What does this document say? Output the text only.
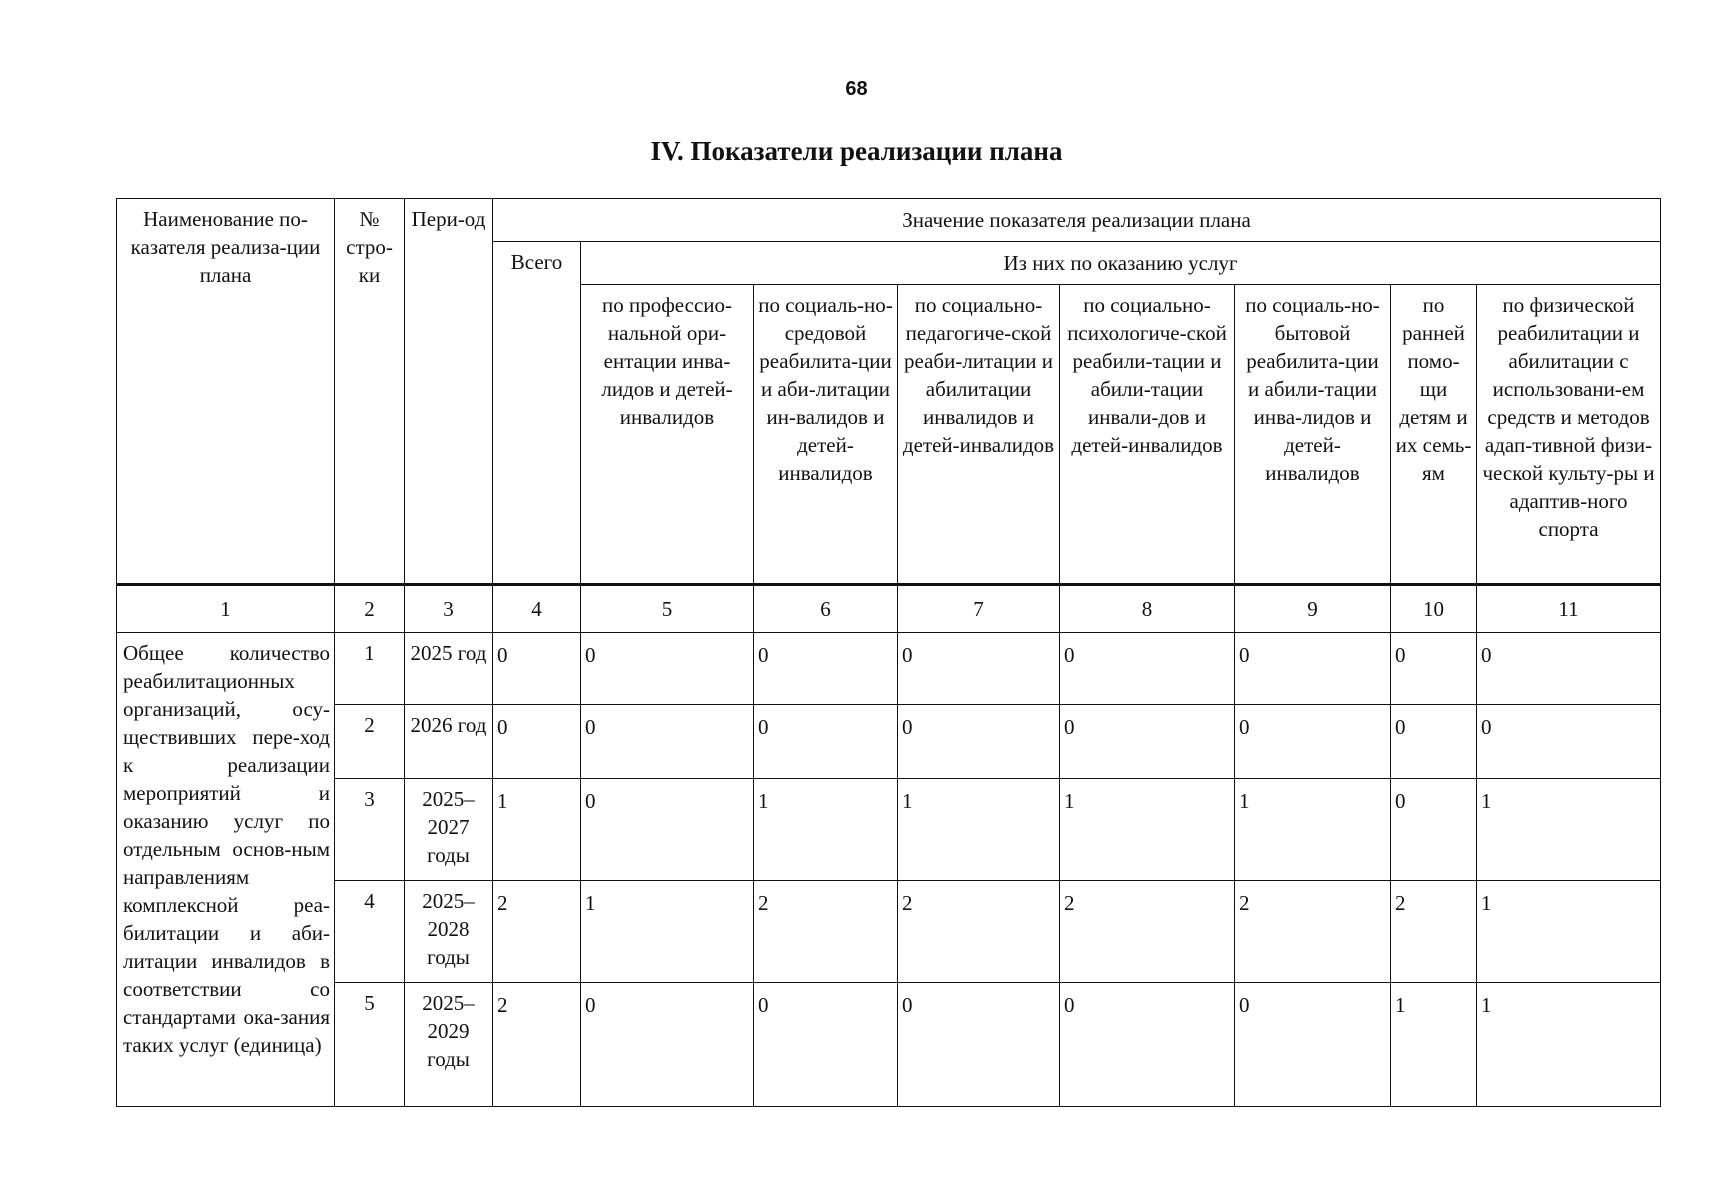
68
IV. Показатели реализации плана
Наименование по-казателя реализа-ции плана	№ стро-ки	Пери-од	Значение показателя реализации плана							
			Всего	Из них по оказанию услуг						
				по профессио-нальной ори-ентации инва-лидов и детей-инвалидов	по социаль-но-средовой реабилита-ции и аби-литации ин-валидов и детей-инвалидов	по социально-педагогиче-ской реаби-литации и абилитации инвалидов и детей-инвалидов	по социально-психологиче-ской реабили-тации и абили-тации инвали-дов и детей-инвалидов	по социаль-но-бытовой реабилита-ции и абили-тации инва-лидов и детей-инвалидов	по ранней помо-щи детям и их семь-ям	по физической реабилитации и абилитации с использовани-ем средств и методов адап-тивной физи-ческой культу-ры и адаптив-ного спорта
1	2	3	4	5	6	7	8	9	10	11
Общее количество реабилитационных организаций, осу-ществивших пере-ход к реализации мероприятий и оказанию услуг по отдельным основ-ным направлениям комплексной реа-билитации и аби-литации инвалидов в соответствии со стандартами ока-зания таких услуг (единица)	1	2025 год	0	0	0	0	0	0	0	0
	2	2026 год	0	0	0	0	0	0	0	0
	3	2025–2027 годы	1	0	1	1	1	1	0	1
	4	2025–2028 годы	2	1	2	2	2	2	2	1
	5	2025–2029 годы	2	0	0	0	0	0	1	1
